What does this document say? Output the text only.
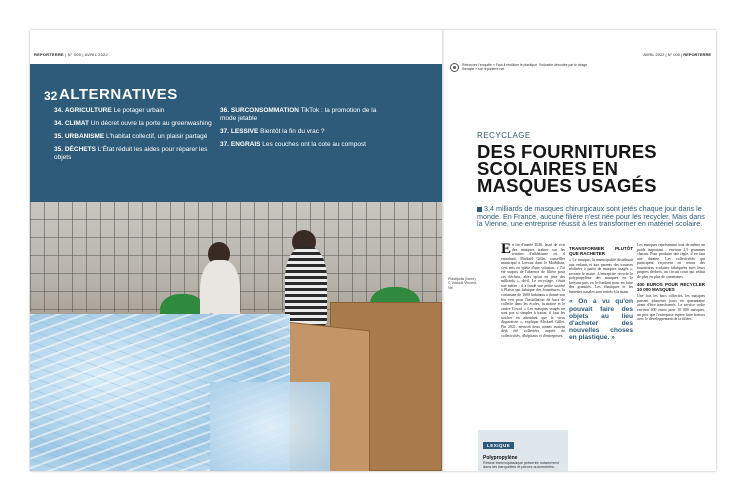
REPORTERRE | N° 000 | AVRIL 2022	AVRIL 2022 | N° 000 | REPORTERRE
32 ALTERNATIVES
34. AGRICULTURE Le potager urbain
34. CLIMAT Un décret ouvre la porte au greenwashing
35. URBANISME L'habitat collectif, un plaisir partagé
35. DÉCHETS L'État réduit les aides pour réparer les objets
36. SURCONSOMMATION TikTok : la promotion de la mode jetable
37. LESSIVE Bientôt la fin du vrac ?
37. ENGRAIS Les couches ont la cote au compost
Retrouvez l'enquête « Faut-il réutiliser le plastique, l'industrie déroutée par le virage thérapie » sur reporterre.net
RECYCLAGE
DES FOURNITURES SCOLAIRES EN MASQUES USAGÉS
3,4 milliards de masques chirurgicaux sont jetés chaque jour dans le monde. En France, aucune filière n'est née pour les recycler. Mais dans la Vienne, une entreprise réussit à les transformer en matériel scolaire.
Plastipolis (Isère). © Vilcoult Vincent-Vel
En fin d'année 2020, lassé de voir des masques traîner sur les terrains d'athlétisme où il entraînait, Mickaël Gillet, conseiller municipal à Lavoux dans le Morbihan, s'est mis en quête d'une solution. « J'ai été surpris de l'absence de filière pour ces déchets, alors qu'on en jette des milliards », dit-il. Le recyclage, c'était son métier : il a fondé une petite société à Plaisir qui fabrique des fournitures, la commune de 1600 habitants a donné son feu vert pour l'installation de bacs de collecte dans les écoles, la mairie et le centre Covid. « Les masques usagés ne sont pas si simples à traiter, il faut les stocker en attendant que le virus disparaisse », explique Mickaël Gillet. Fin 2021, environ deux tonnes avaient déjà été collectées auprès de collectivités, d'hôpitaux et d'entreprises.
TRANSFORMER PLUTÔT QUE RACHETER
« Le masque, la municipalité distribuait aux enfants et aux parents des trousses réalisées à partir de masques usagés », raconte le maire. L'entreprise recycle le polypropylène des masques en le broyant puis en le fondant pour en faire des granulés. Les élastiques et les barrettes nasales sont retirés à la main.
« On a vu qu'on pouvait faire des objets au lieu d'acheter des nouvelles choses en plastique. »
Les masques représentent tout de même un poids important : environ 2,5 grammes chacun. Pour produire une règle, il en faut une dizaine. Les collectivités qui participent reçoivent en retour des fournitures scolaires fabriquées avec leurs propres déchets, un circuit court qui séduit de plus en plus de communes.
400 EUROS POUR RECYCLER 10 000 MASQUES
Une fois les bacs collectés, les masques passent plusieurs jours en quarantaine avant d'être transformés. Le service coûte environ 400 euros pour 10 000 masques, un prix que l'entreprise espère faire baisser avec le développement de la filière.
LEXIQUE
Polypropylène
Résine thermoplastique présente notamment dans les barquettes et pièces automobiles.
